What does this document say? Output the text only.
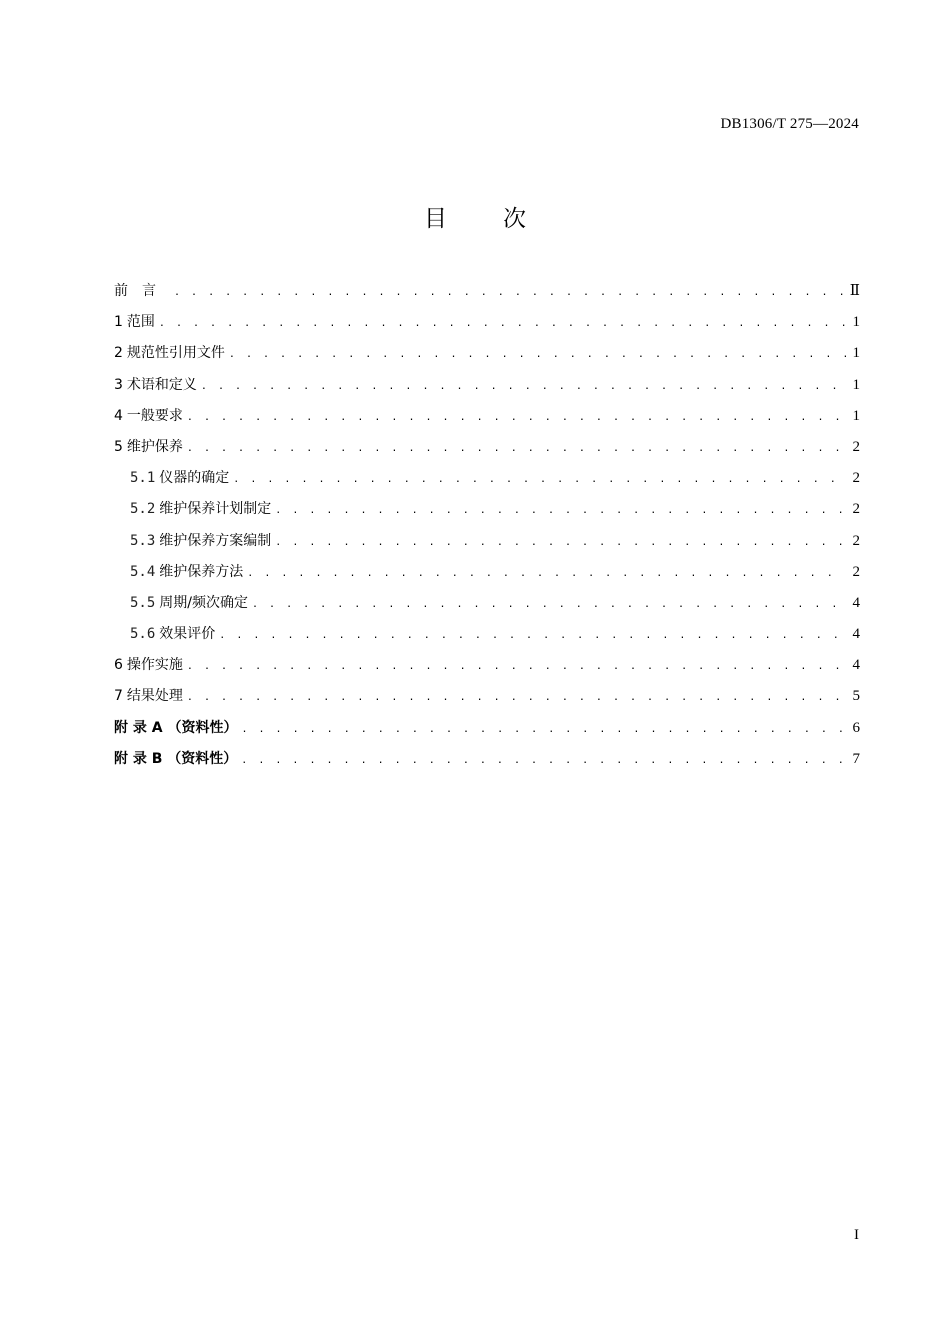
DB1306/T 275—2024
目次
前言 . . .	Ⅱ
1 范围 . . .	1
2 规范性引用文件 . . .	1
3 术语和定义 . . .	1
4 一般要求 . . .	1
5 维护保养 . . .	2
5.1 仪器的确定 . . .	2
5.2 维护保养计划制定 . . .	2
5.3 维护保养方案编制 . . .	2
5.4 维护保养方法 . . .	2
5.5 周期/频次确定 . . .	4
5.6 效果评价 . . .	4
6 操作实施 . . .	4
7 结果处理 . . .	5
附 录 A （资料性） . . .	6
附 录 B （资料性） . . .	7
I
